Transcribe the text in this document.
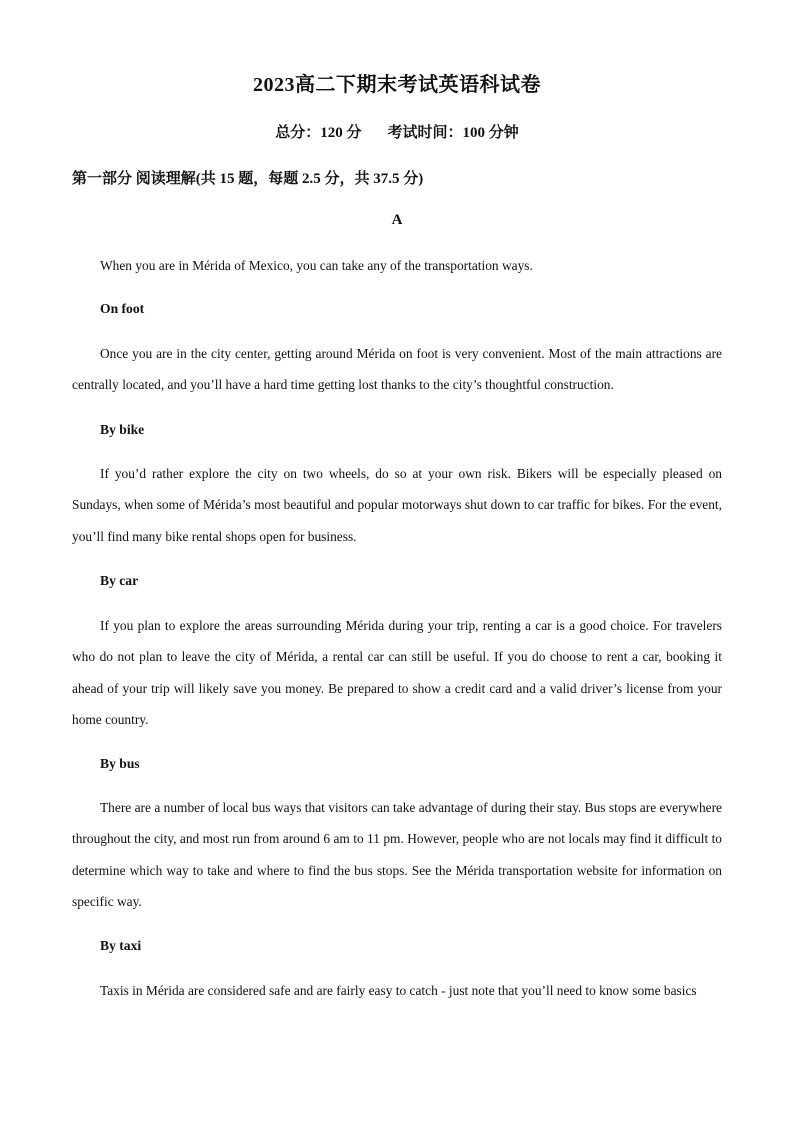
2023高二下期末考试英语科试卷
总分：120 分 考试时间：100 分钟
第一部分 阅读理解(共 15 题，每题 2.5 分，共 37.5 分)
A

When you are in Mérida of Mexico, you can take any of the transportation ways.

On foot

Once you are in the city center, getting around Mérida on foot is very convenient. Most of the main attractions are centrally located, and you’ll have a hard time getting lost thanks to the city’s thoughtful construction.

By bike

If you’d rather explore the city on two wheels, do so at your own risk. Bikers will be especially pleased on Sundays, when some of Mérida’s most beautiful and popular motorways shut down to car traffic for bikes. For the event, you’ll find many bike rental shops open for business.

By car

If you plan to explore the areas surrounding Mérida during your trip, renting a car is a good choice. For travelers who do not plan to leave the city of Mérida, a rental car can still be useful. If you do choose to rent a car, booking it ahead of your trip will likely save you money. Be prepared to show a credit card and a valid driver’s license from your home country.

By bus

There are a number of local bus ways that visitors can take advantage of during their stay. Bus stops are everywhere throughout the city, and most run from around 6 am to 11 pm. However, people who are not locals may find it difficult to determine which way to take and where to find the bus stops. See the Mérida transportation website for information on specific way.

By taxi

Taxis in Mérida are considered safe and are fairly easy to catch - just note that you’ll need to know some basics
